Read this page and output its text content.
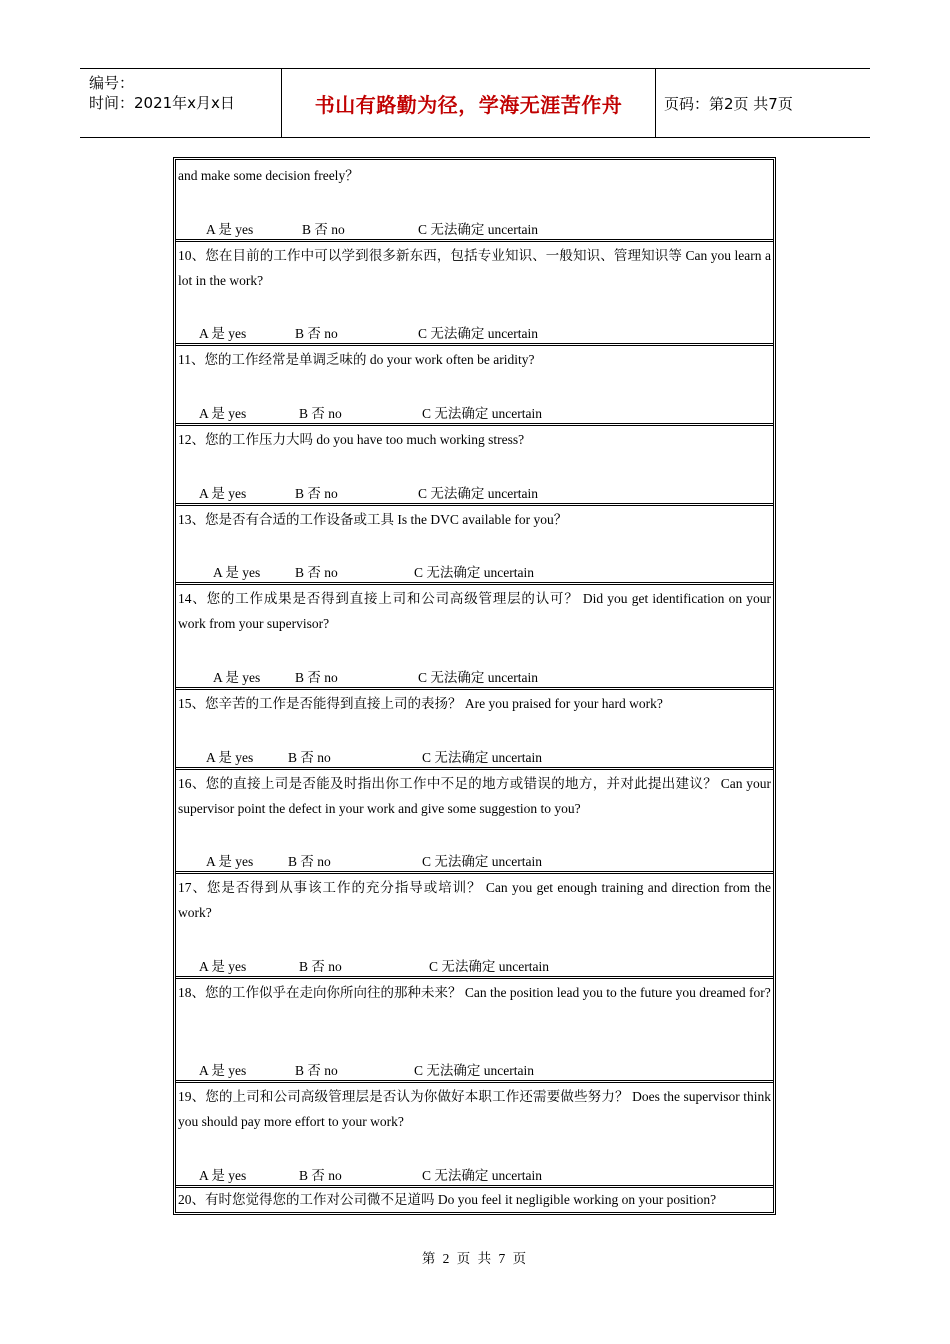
编号：
时间：2021年x月x日	书山有路勤为径，学海无涯苦作舟	页码：第2页 共7页
and make some decision freely？
A 是 yes	B 否 no	C 无法确定 uncertain
10、您在目前的工作中可以学到很多新东西，包括专业知识、一般知识、管理知识等 Can you learn a lot in the work?
A 是 yes	B 否 no	C 无法确定 uncertain
11、您的工作经常是单调乏味的 do your work often be aridity?
A 是 yes	B 否 no	C 无法确定 uncertain
12、您的工作压力大吗 do you have too much working stress?
A 是 yes	B 否 no	C 无法确定 uncertain
13、您是否有合适的工作设备或工具 Is the DVC available for you？
A 是 yes	B 否 no	C 无法确定 uncertain
14、您的工作成果是否得到直接上司和公司高级管理层的认可？ Did you get identification on your work from your supervisor?
A 是 yes	B 否 no	C 无法确定 uncertain
15、您辛苦的工作是否能得到直接上司的表扬？ Are you praised for your hard work?
A 是 yes	B 否 no	C 无法确定 uncertain
16、您的直接上司是否能及时指出你工作中不足的地方或错误的地方，并对此提出建议？ Can your supervisor point the defect in your work and give some suggestion to you?
A 是 yes	B 否 no	C 无法确定 uncertain
17、您是否得到从事该工作的充分指导或培训？ Can you get enough training and direction from the work?
A 是 yes	B 否 no	C 无法确定 uncertain
18、您的工作似乎在走向你所向往的那种未来？ Can the position lead you to the future you dreamed for?
A 是 yes	B 否 no	C 无法确定 uncertain
19、您的上司和公司高级管理层是否认为你做好本职工作还需要做些努力？ Does the supervisor think you should pay more effort to your work?
A 是 yes	B 否 no	C 无法确定 uncertain
20、有时您觉得您的工作对公司微不足道吗 Do you feel it negligible working on your position?
第 2 页 共 7 页
